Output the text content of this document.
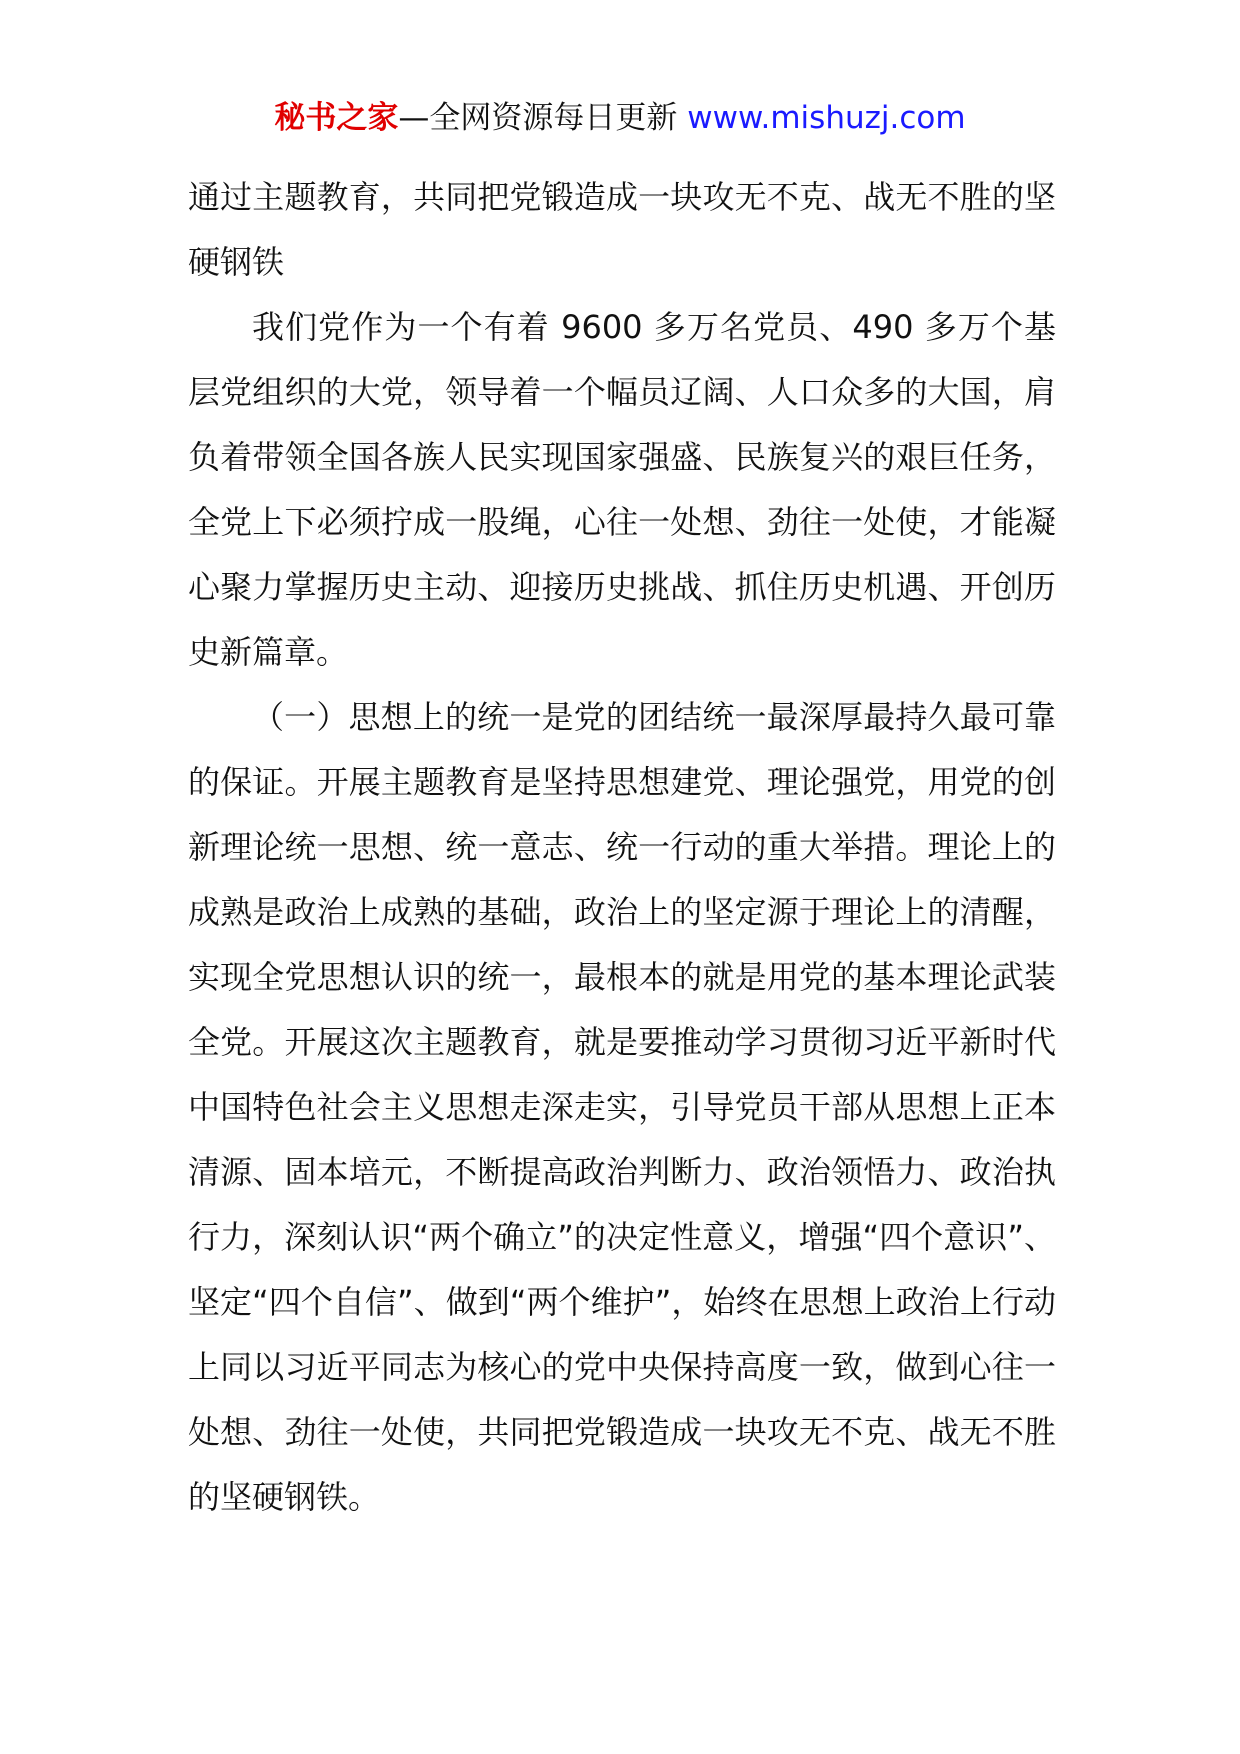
秘书之家—全网资源每日更新 www.mishuzj.com

通过主题教育，共同把党锻造成一块攻无不克、战无不胜的坚硬钢铁

我们党作为一个有着 9600 多万名党员、490 多万个基层党组织的大党，领导着一个幅员辽阔、人口众多的大国，肩负着带领全国各族人民实现国家强盛、民族复兴的艰巨任务，全党上下必须拧成一股绳，心往一处想、劲往一处使，才能凝心聚力掌握历史主动、迎接历史挑战、抓住历史机遇、开创历史新篇章。

（一）思想上的统一是党的团结统一最深厚最持久最可靠的保证。开展主题教育是坚持思想建党、理论强党，用党的创新理论统一思想、统一意志、统一行动的重大举措。理论上的成熟是政治上成熟的基础，政治上的坚定源于理论上的清醒，实现全党思想认识的统一，最根本的就是用党的基本理论武装全党。开展这次主题教育，就是要推动学习贯彻习近平新时代中国特色社会主义思想走深走实，引导党员干部从思想上正本清源、固本培元，不断提高政治判断力、政治领悟力、政治执行力，深刻认识“两个确立”的决定性意义，增强“四个意识”、坚定“四个自信”、做到“两个维护”，始终在思想上政治上行动上同以习近平同志为核心的党中央保持高度一致，做到心往一处想、劲往一处使，共同把党锻造成一块攻无不克、战无不胜的坚硬钢铁。
